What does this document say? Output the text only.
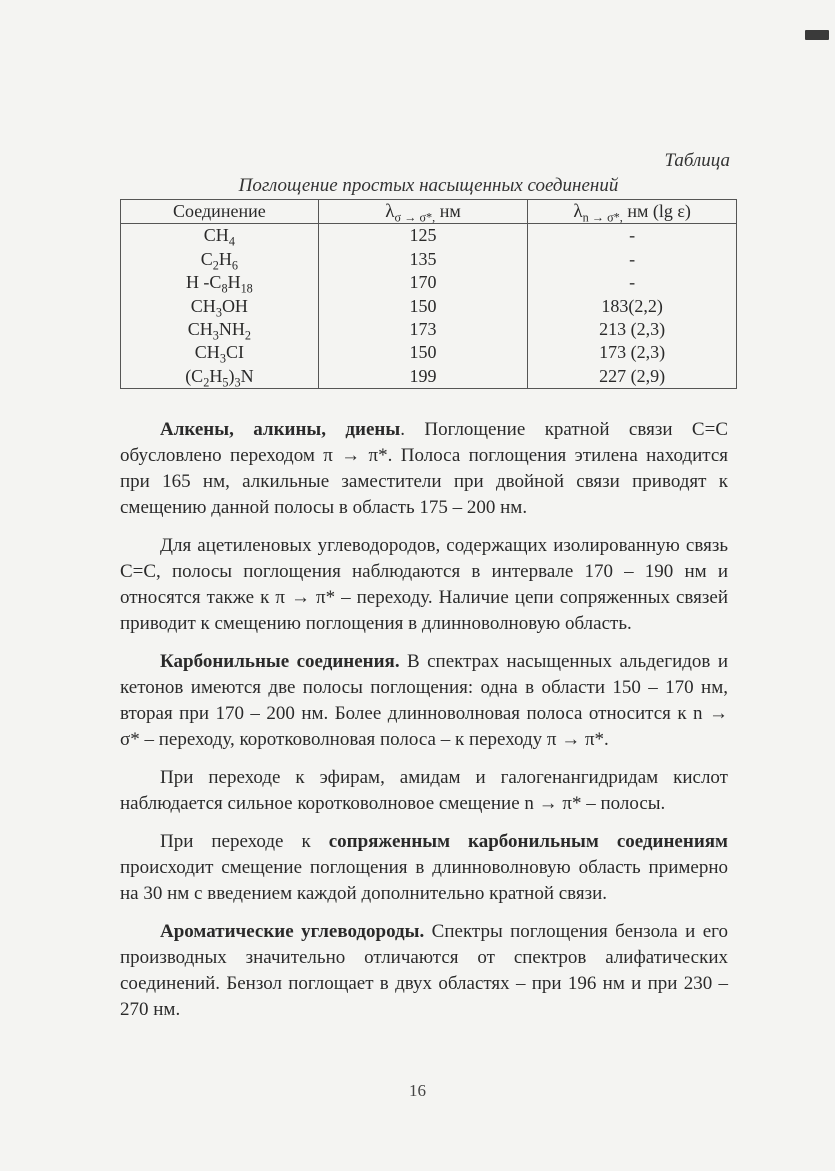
Таблица
Поглощение простых насыщенных соединений
Соединение	$\lambda_{\sigma \to \sigma*,}$ нм	$\lambda_{n \to \sigma*,}$ нм (lg ε)
$CH_4$	125	-
$C_2H_6$	135	-
H $-C_8H_{18}$	170	-
$CH_3OH$	150	183(2,2)
$CH_3NH_2$	173	213 (2,3)
$CH_3CI$	150	173 (2,3)
$(C_2H_5)_3N$	199	227 (2,9)

Алкены, алкины, диены. Поглощение кратной связи С=С обусловлено переходом π → π*. Полоса поглощения этилена находится при 165 нм, алкильные заместители при двойной связи приводят к смещению данной полосы в область 175 – 200 нм.

Для ацетиленовых углеводородов, содержащих изолированную связь С=С, полосы поглощения наблюдаются в интервале 170 – 190 нм и относятся также к π → π* – переходу. Наличие цепи сопряженных связей приводит к смещению поглощения в длинноволновую область.

Карбонильные соединения. В спектрах насыщенных альдегидов и кетонов имеются две полосы поглощения: одна в области 150 – 170 нм, вторая при 170 – 200 нм. Более длинноволновая полоса относится к n → σ* – переходу, коротковолновая полоса – к переходу π → π*.

При переходе к эфирам, амидам и галогенангидридам кислот наблюдается сильное коротковолновое смещение n → π* – полосы.

При переходе к сопряженным карбонильным соединениям происходит смещение поглощения в длинноволновую область примерно на 30 нм с введением каждой дополнительно кратной связи.

Ароматические углеводороды. Спектры поглощения бензола и его производных значительно отличаются от спектров алифатических соединений. Бензол поглощает в двух областях – при 196 нм и при 230 – 270 нм.

16
